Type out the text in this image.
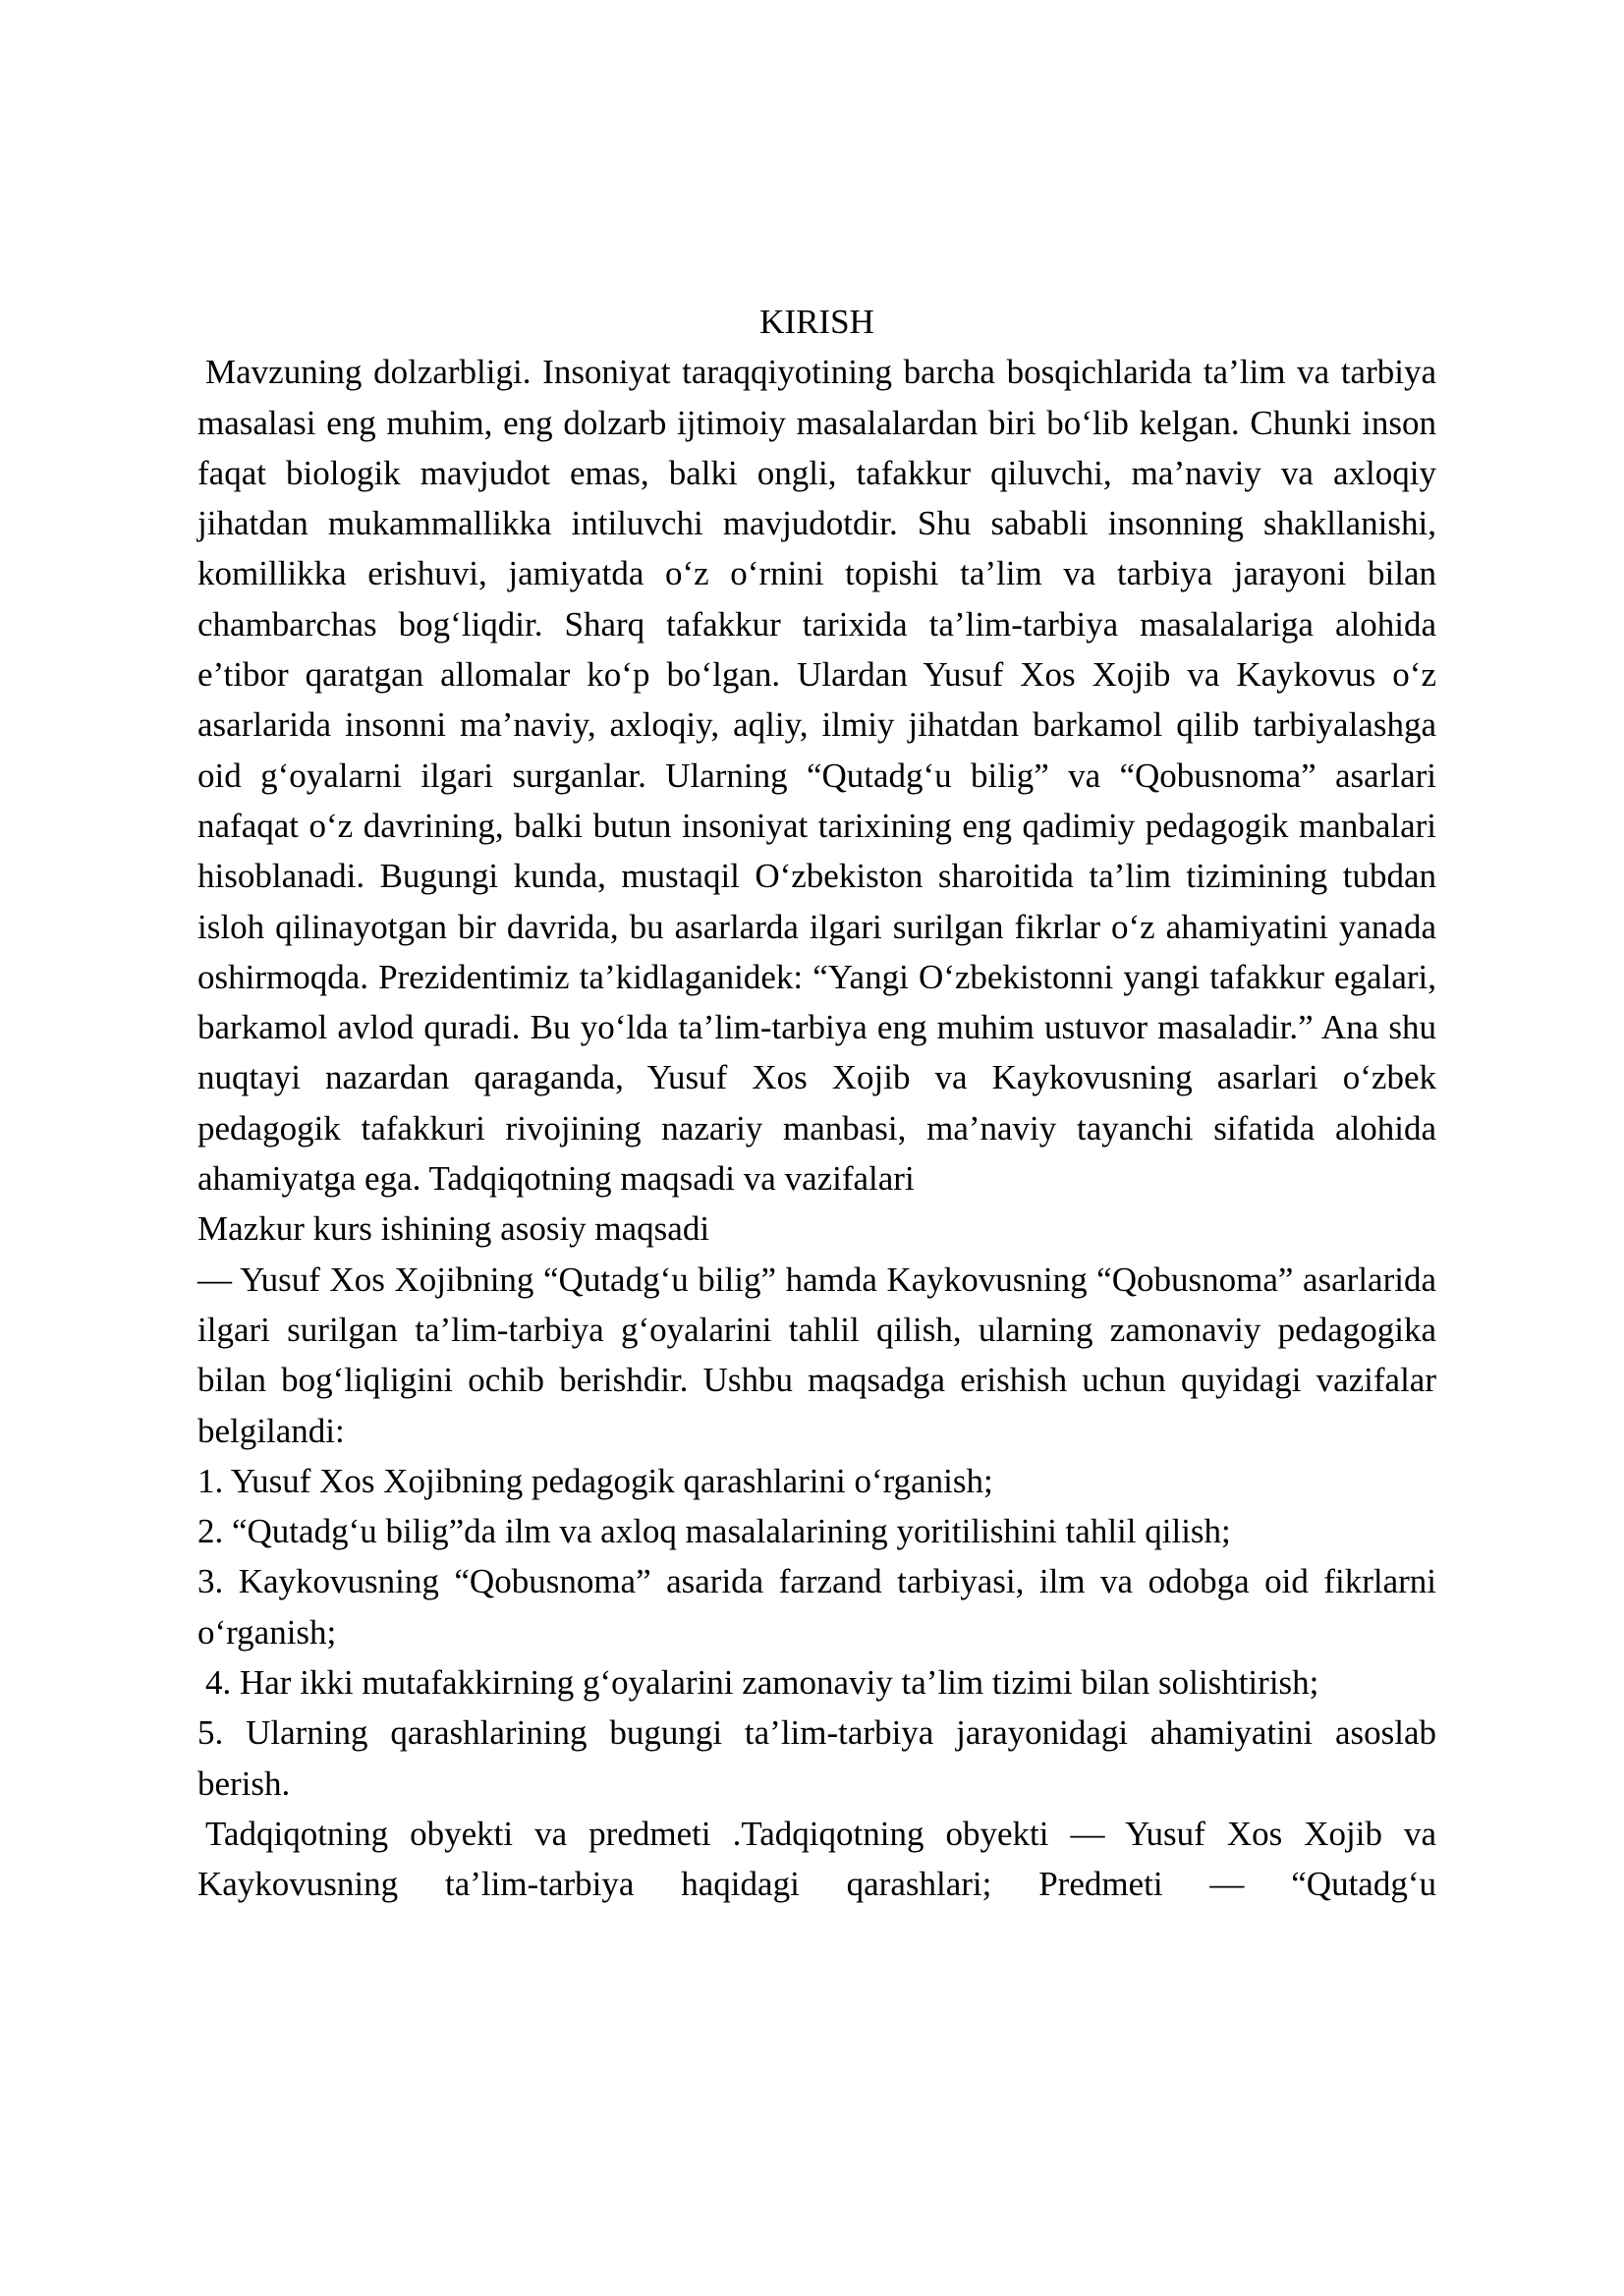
KIRISH

Mavzuning dolzarbligi. Insoniyat taraqqiyotining barcha bosqichlarida ta’lim va tarbiya masalasi eng muhim, eng dolzarb ijtimoiy masalalardan biri bo‘lib kelgan. Chunki inson faqat biologik mavjudot emas, balki ongli, tafakkur qiluvchi, ma’naviy va axloqiy jihatdan mukammallikka intiluvchi mavjudotdir. Shu sababli insonning shakllanishi, komillikka erishuvi, jamiyatda o‘z o‘rnini topishi ta’lim va tarbiya jarayoni bilan chambarchas bog‘liqdir. Sharq tafakkur tarixida ta’lim-tarbiya masalalariga alohida e’tibor qaratgan allomalar ko‘p bo‘lgan. Ulardan Yusuf Xos Xojib va Kaykovus o‘z asarlarida insonni ma’naviy, axloqiy, aqliy, ilmiy jihatdan barkamol qilib tarbiyalashga oid g‘oyalarni ilgari surganlar. Ularning “Qutadg‘u bilig” va “Qobusnoma” asarlari nafaqat o‘z davrining, balki butun insoniyat tarixining eng qadimiy pedagogik manbalari hisoblanadi. Bugungi kunda, mustaqil O‘zbekiston sharoitida ta’lim tizimining tubdan isloh qilinayotgan bir davrida, bu asarlarda ilgari surilgan fikrlar o‘z ahamiyatini yanada oshirmoqda. Prezidentimiz ta’kidlaganidek: “Yangi O‘zbekistonni yangi tafakkur egalari, barkamol avlod quradi. Bu yo‘lda ta’lim-tarbiya eng muhim ustuvor masaladir.” Ana shu nuqtayi nazardan qaraganda, Yusuf Xos Xojib va Kaykovusning asarlari o‘zbek pedagogik tafakkuri rivojining nazariy manbasi, ma’naviy tayanchi sifatida alohida ahamiyatga ega. Tadqiqotning maqsadi va vazifalari

Mazkur kurs ishining asosiy maqsadi

— Yusuf Xos Xojibning “Qutadg‘u bilig” hamda Kaykovusning “Qobusnoma” asarlarida ilgari surilgan ta’lim-tarbiya g‘oyalarini tahlil qilish, ularning zamonaviy pedagogika bilan bog‘liqligini ochib berishdir. Ushbu maqsadga erishish uchun quyidagi vazifalar belgilandi:

1. Yusuf Xos Xojibning pedagogik qarashlarini o‘rganish;

2. “Qutadg‘u bilig”da ilm va axloq masalalarining yoritilishini tahlil qilish;

3. Kaykovusning “Qobusnoma” asarida farzand tarbiyasi, ilm va odobga oid fikrlarni o‘rganish;

4. Har ikki mutafakkirning g‘oyalarini zamonaviy ta’lim tizimi bilan solishtirish;

5. Ularning qarashlarining bugungi ta’lim-tarbiya jarayonidagi ahamiyatini asoslab berish.

Tadqiqotning obyekti va predmeti .Tadqiqotning obyekti — Yusuf Xos Xojib va Kaykovusning ta’lim-tarbiya haqidagi qarashlari; Predmeti — “Qutadg‘u
